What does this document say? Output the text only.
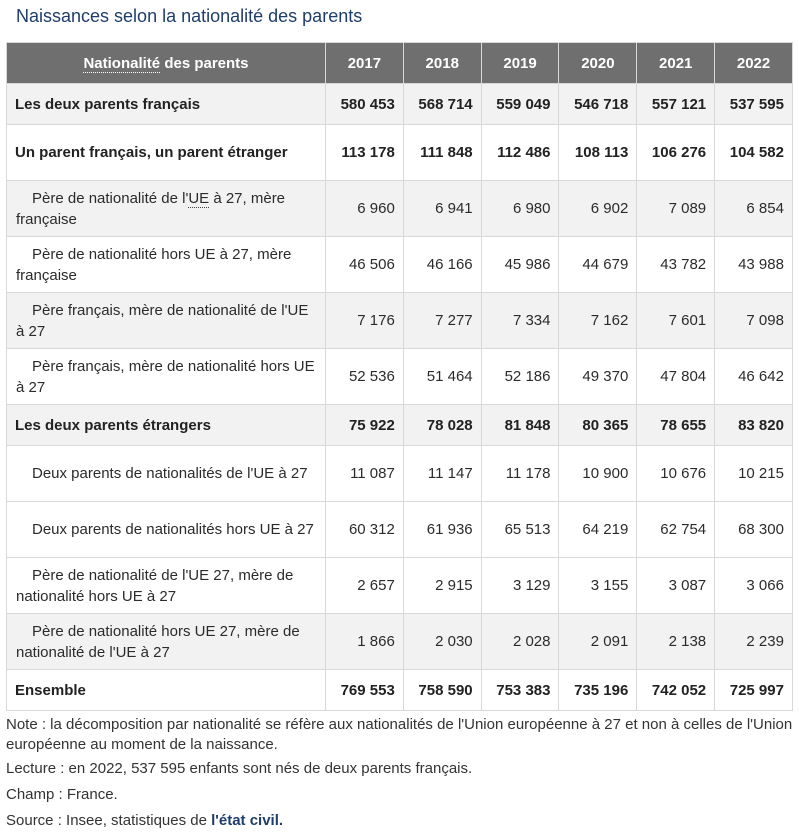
Naissances selon la nationalité des parents
Nationalité des parents	2017	2018	2019	2020	2021	2022
Les deux parents français	580 453	568 714	559 049	546 718	557 121	537 595
Un parent français, un parent étranger	113 178	111 848	112 486	108 113	106 276	104 582
Père de nationalité de l'UE à 27, mère française	6 960	6 941	6 980	6 902	7 089	6 854
Père de nationalité hors UE à 27, mère française	46 506	46 166	45 986	44 679	43 782	43 988
Père français, mère de nationalité de l'UE à 27	7 176	7 277	7 334	7 162	7 601	7 098
Père français, mère de nationalité hors UE à 27	52 536	51 464	52 186	49 370	47 804	46 642
Les deux parents étrangers	75 922	78 028	81 848	80 365	78 655	83 820
Deux parents de nationalités de l'UE à 27	11 087	11 147	11 178	10 900	10 676	10 215
Deux parents de nationalités hors UE à 27	60 312	61 936	65 513	64 219	62 754	68 300
Père de nationalité de l'UE 27, mère de nationalité hors UE à 27	2 657	2 915	3 129	3 155	3 087	3 066
Père de nationalité hors UE 27, mère de nationalité de l'UE à 27	1 866	2 030	2 028	2 091	2 138	2 239
Ensemble	769 553	758 590	753 383	735 196	742 052	725 997

Note : la décomposition par nationalité se réfère aux nationalités de l'Union européenne à 27 et non à celles de l'Union européenne au moment de la naissance.

Lecture : en 2022, 537 595 enfants sont nés de deux parents français.

Champ : France.

Source : Insee, statistiques de l'état civil.
